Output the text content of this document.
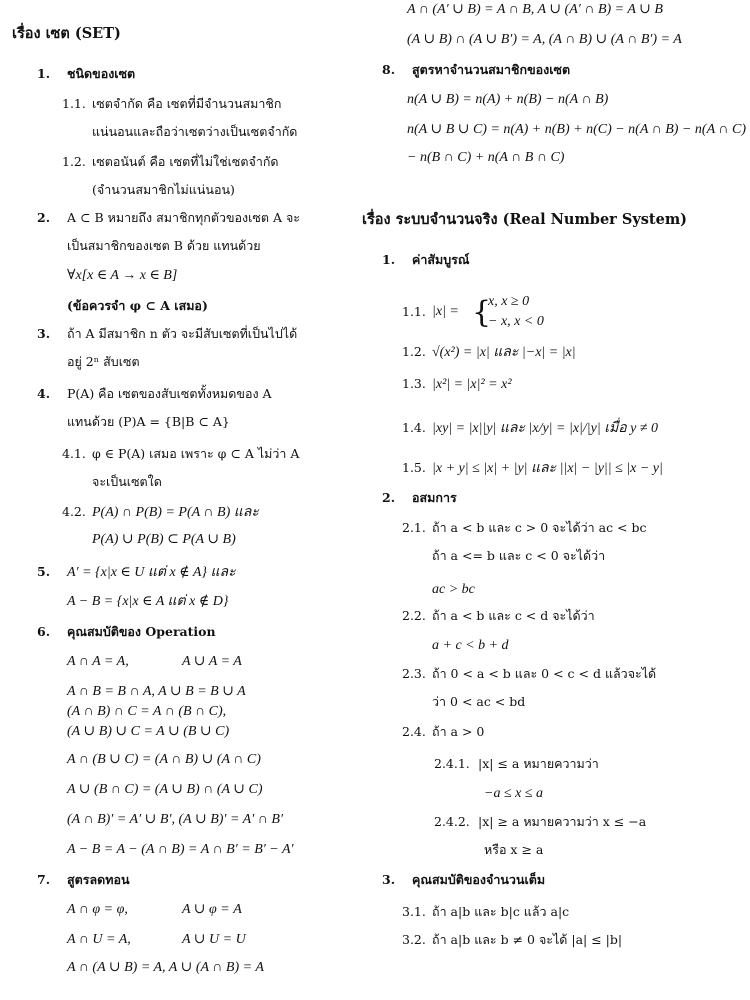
เรื่อง เซต (SET)
1. ชนิดของเซต
1.1. เซตจำกัด คือ เซตที่มีจำนวนสมาชิก
แน่นอนและถือว่าเซตว่างเป็นเซตจำกัด
1.2. เซตอนันต์ คือ เซตที่ไม่ใช่เซตจำกัด
(จำนวนสมาชิกไม่แน่นอน)
2. A ⊂ B หมายถึง สมาชิกทุกตัวของเซต A จะ
เป็นสมาชิกของเซต B ด้วย แทนด้วย
∀x[x ∈ A → x ∈ B]
(ข้อควรจำ φ ⊂ A เสมอ)
3. ถ้า A มีสมาชิก n ตัว จะมีสับเซตที่เป็นไปได้
อยู่ 2ⁿ สับเซต
4. P(A) คือ เซตของสับเซตทั้งหมดของ A
แทนด้วย (P)A = {B|B ⊂ A}
4.1. φ ∈ P(A) เสมอ เพราะ φ ⊂ A ไม่ว่า A
จะเป็นเซตใด
4.2. P(A) ∩ P(B) = P(A ∩ B) และ
P(A) ∪ P(B) ⊂ P(A ∪ B)
5. A′ = {x|x ∈ U แต่ x ∉ A} และ
A − B = {x|x ∈ A แต่ x ∉ D}
6. คุณสมบัติของ Operation
A ∩ A = A,	A ∪ A = A
A ∩ B = B ∩ A, A ∪ B = B ∪ A
(A ∩ B) ∩ C = A ∩ (B ∩ C),
(A ∪ B) ∪ C = A ∪ (B ∪ C)
A ∩ (B ∪ C) = (A ∩ B) ∪ (A ∩ C)
A ∪ (B ∩ C) = (A ∪ B) ∩ (A ∪ C)
(A ∩ B)′ = A′ ∪ B′, (A ∪ B)′ = A′ ∩ B′
A − B = A − (A ∩ B) = A ∩ B′ = B′ − A′
7. สูตรลดทอน
A ∩ φ = φ,	A ∪ φ = A
A ∩ U = A,	A ∪ U = U
A ∩ (A ∪ B) = A, A ∪ (A ∩ B) = A
A ∩ (A′ ∪ B) = A ∩ B, A ∪ (A′ ∩ B) = A ∪ B
(A ∪ B) ∩ (A ∪ B′) = A, (A ∩ B) ∪ (A ∩ B′) = A
8. สูตรหาจำนวนสมาชิกของเซต
n(A ∪ B) = n(A) + n(B) − n(A ∩ B)
n(A ∪ B ∪ C) = n(A) + n(B) + n(C) − n(A ∩ B) − n(A ∩ C)
− n(B ∩ C) + n(A ∩ B ∩ C)
เรื่อง ระบบจำนวนจริง (Real Number System)
1. ค่าสัมบูรณ์
1.1. |x| = {
x, x ≥ 0
− x, x < 0
1.2. √(x²) = |x| และ |−x| = |x|
1.3. |x²| = |x|² = x²
1.4. |xy| = |x||y| และ |x/y| = |x|/|y| เมื่อ y ≠ 0
1.5. |x + y| ≤ |x| + |y| และ ||x| − |y|| ≤ |x − y|
2. อสมการ
2.1. ถ้า a < b และ c > 0 จะได้ว่า ac < bc
ถ้า a <= b และ c < 0 จะได้ว่า
ac > bc
2.2. ถ้า a < b และ c < d จะได้ว่า
a + c < b + d
2.3. ถ้า 0 < a < b และ 0 < c < d แล้วจะได้
ว่า 0 < ac < bd
2.4. ถ้า a > 0
2.4.1. |x| ≤ a หมายความว่า
−a ≤ x ≤ a
2.4.2. |x| ≥ a หมายความว่า x ≤ −a
หรือ x ≥ a
3. คุณสมบัติของจำนวนเต็ม
3.1. ถ้า a|b และ b|c แล้ว a|c
3.2. ถ้า a|b และ b ≠ 0 จะได้ |a| ≤ |b|
